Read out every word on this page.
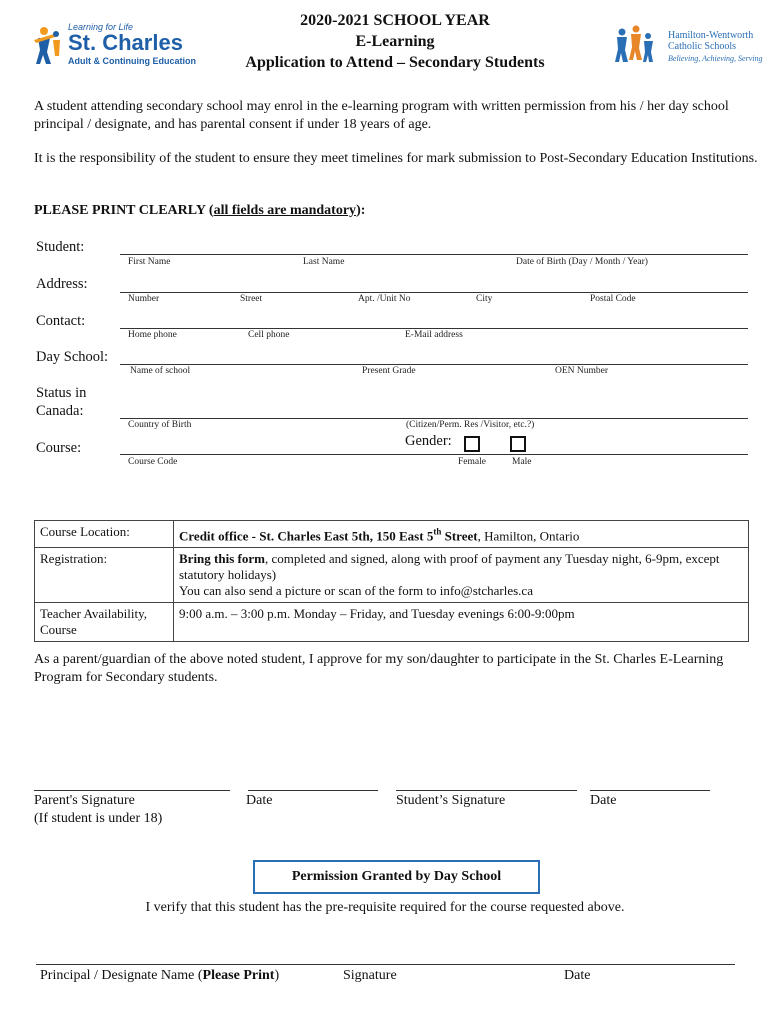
Learning for Life
St. Charles
Adult & Continuing Education
2020-2021 SCHOOL YEAR
E-Learning
Application to Attend – Secondary Students
Hamilton-Wentworth
Catholic Schools
Believing, Achieving, Serving
A student attending secondary school may enrol in the e-learning program with written permission from his / her day school principal / designate, and has parental consent if under 18 years of age.
It is the responsibility of the student to ensure they meet timelines for mark submission to Post-Secondary Education Institutions.
PLEASE PRINT CLEARLY (all fields are mandatory):
Student:
First Name	Last Name	Date of Birth (Day / Month / Year)
Address:
Number	Street	Apt. /Unit No	City	Postal Code
Contact:
Home phone	Cell phone	E-Mail address
Day School:
Name of school	Present Grade	OEN Number
Status in
Canada:
Country of Birth	(Citizen/Perm. Res /Visitor, etc.?)
Course:	Gender:
Course Code	Female	Male
Course Location:	Credit office - St. Charles East 5th, 150 East 5th Street, Hamilton, Ontario
Registration:	Bring this form, completed and signed, along with proof of payment any Tuesday night, 6-9pm, except statutory holidays)
You can also send a picture or scan of the form to info@stcharles.ca
Teacher Availability, Course	9:00 a.m. – 3:00 p.m. Monday – Friday, and Tuesday evenings 6:00-9:00pm
As a parent/guardian of the above noted student, I approve for my son/daughter to participate in the St. Charles E-Learning Program for Secondary students.
Parent's Signature
(If student is under 18)
Date	Student’s Signature	Date
Permission Granted by Day School
I verify that this student has the pre-requisite required for the course requested above.
Principal / Designate Name (Please Print)	Signature	Date
